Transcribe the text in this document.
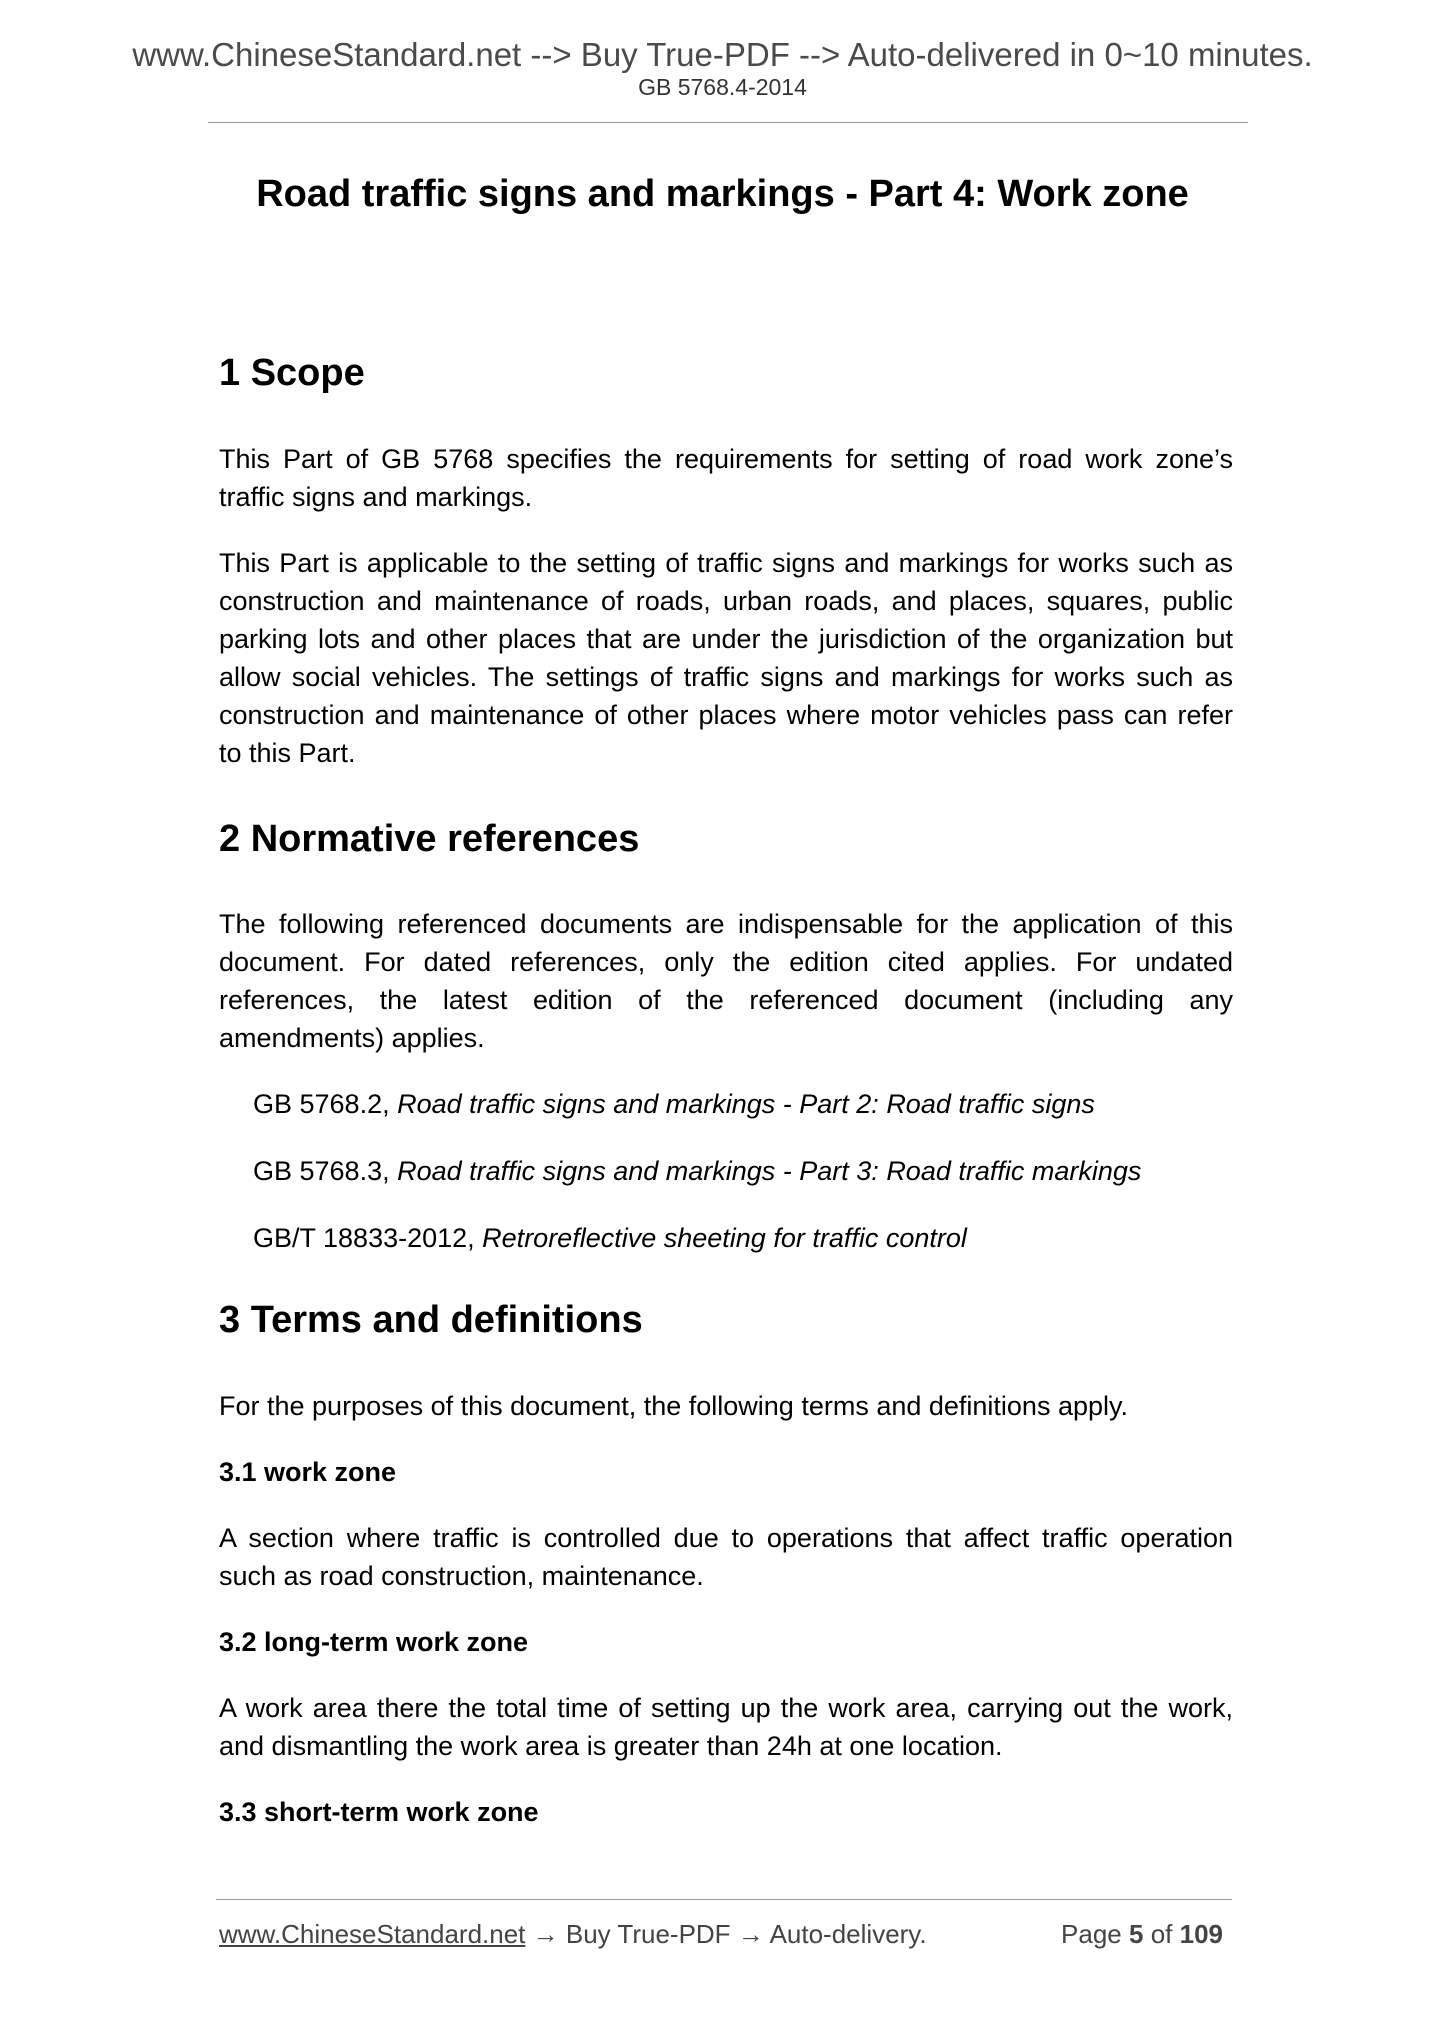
www.ChineseStandard.net --> Buy True-PDF --> Auto-delivered in 0~10 minutes.
GB 5768.4-2014
Road traffic signs and markings - Part 4: Work zone
1 Scope

This Part of GB 5768 specifies the requirements for setting of road work zone’s traffic signs and markings.

This Part is applicable to the setting of traffic signs and markings for works such as construction and maintenance of roads, urban roads, and places, squares, public parking lots and other places that are under the jurisdiction of the organization but allow social vehicles. The settings of traffic signs and markings for works such as construction and maintenance of other places where motor vehicles pass can refer to this Part.

2 Normative references

The following referenced documents are indispensable for the application of this document. For dated references, only the edition cited applies. For undated references, the latest edition of the referenced document (including any amendments) applies.

GB 5768.2, Road traffic signs and markings - Part 2: Road traffic signs

GB 5768.3, Road traffic signs and markings - Part 3: Road traffic markings

GB/T 18833-2012, Retroreflective sheeting for traffic control

3 Terms and definitions

For the purposes of this document, the following terms and definitions apply.

3.1 work zone

A section where traffic is controlled due to operations that affect traffic operation such as road construction, maintenance.

3.2 long-term work zone

A work area there the total time of setting up the work area, carrying out the work, and dismantling the work area is greater than 24h at one location.

3.3 short-term work zone
www.ChineseStandard.net → Buy True-PDF → Auto-delivery.	Page 5 of 109
